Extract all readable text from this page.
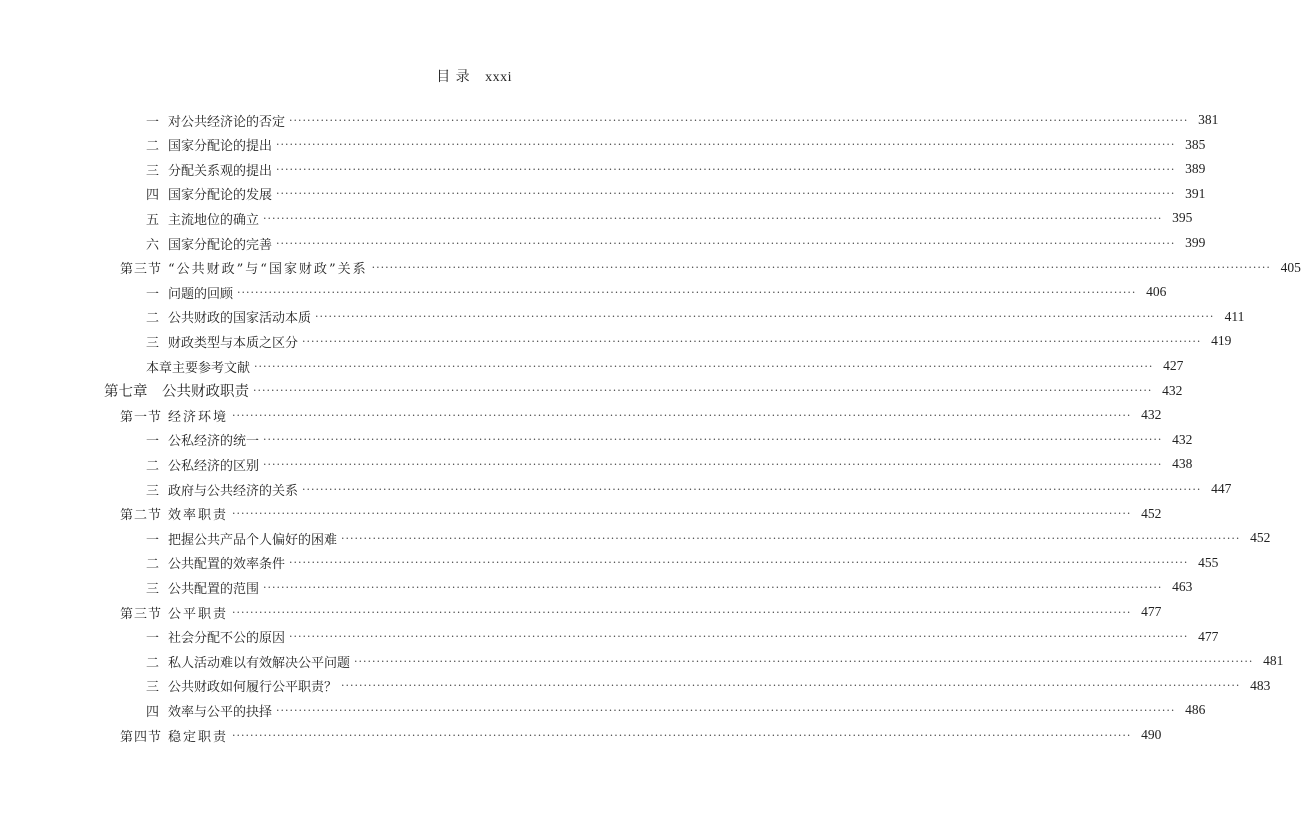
目 录 xxxi
一 对公共经济论的否定 ········································································································································································································ 381
二 国家分配论的提出 ········································································································································································································ 385
三 分配关系观的提出 ········································································································································································································ 389
四 国家分配论的发展 ········································································································································································································ 391
五 主流地位的确立 ········································································································································································································ 395
六 国家分配论的完善 ········································································································································································································ 399
第三节 “公共财政”与“国家财政”关系 ········································································································································································································ 405
一 问题的回顾 ········································································································································································································ 406
二 公共财政的国家活动本质 ········································································································································································································ 411
三 财政类型与本质之区分 ········································································································································································································ 419
本章主要参考文献 ········································································································································································································ 427
第七章	公共财政职责 ········································································································································································································ 432
第一节 经济环境 ········································································································································································································ 432
一 公私经济的统一 ········································································································································································································ 432
二 公私经济的区别 ········································································································································································································ 438
三 政府与公共经济的关系 ········································································································································································································ 447
第二节 效率职责 ········································································································································································································ 452
一 把握公共产品个人偏好的困难 ········································································································································································································ 452
二 公共配置的效率条件 ········································································································································································································ 455
三 公共配置的范围 ········································································································································································································ 463
第三节 公平职责 ········································································································································································································ 477
一 社会分配不公的原因 ········································································································································································································ 477
二 私人活动难以有效解决公平问题 ········································································································································································································ 481
三 公共财政如何履行公平职责？ ········································································································································································································ 483
四 效率与公平的抉择 ········································································································································································································ 486
第四节 稳定职责 ········································································································································································································ 490
